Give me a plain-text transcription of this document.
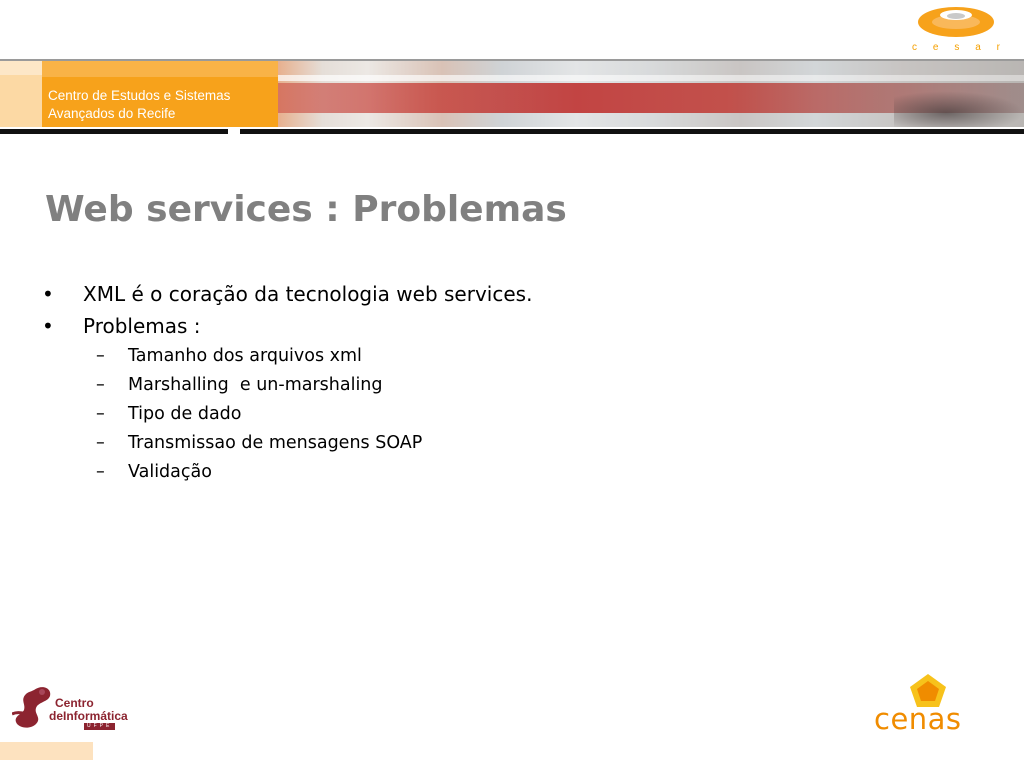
c e s a r
Centro de Estudos e Sistemas
Avançados do Recife
Web services : Problemas
•	XML é o coração da tecnologia web services.
•	Problemas :
– Tamanho dos arquivos xml
– Marshalling  e un-marshaling
– Tipo de dado
– Transmissao de mensagens SOAP
– Validação
Centro
deInformática
UFPE	cenas
